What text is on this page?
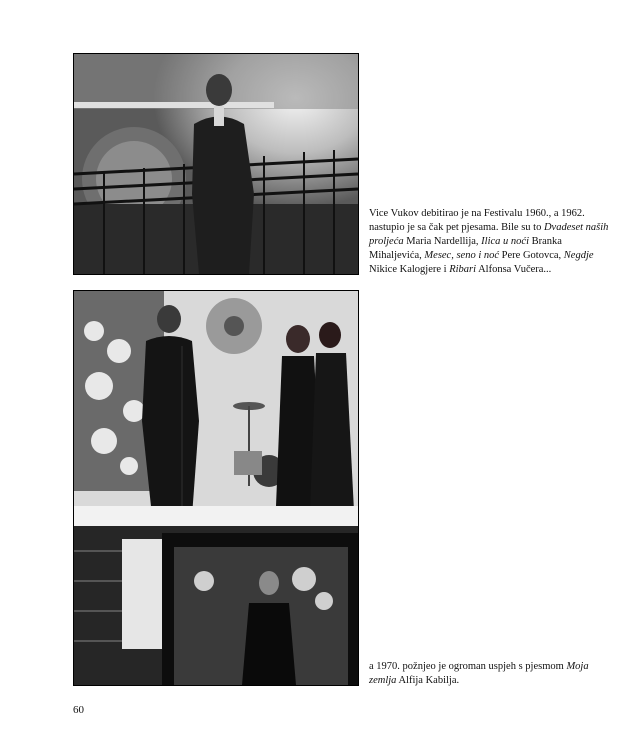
Vice Vukov debitirao je na Festivalu 1960., a 1962. nastupio je sa čak pet pjesama. Bile su to Dvadeset naših proljeća Maria Nardellija, Ilica u noći Branka Mihaljevića, Mesec, seno i noć Pere Gotovca, Negdje Nikice Kalogjere i Ribari Alfonsa Vučera...
a 1970. požnjeo je ogroman uspjeh s pjesmom Moja zemlja Alfija Kabilja.
60
